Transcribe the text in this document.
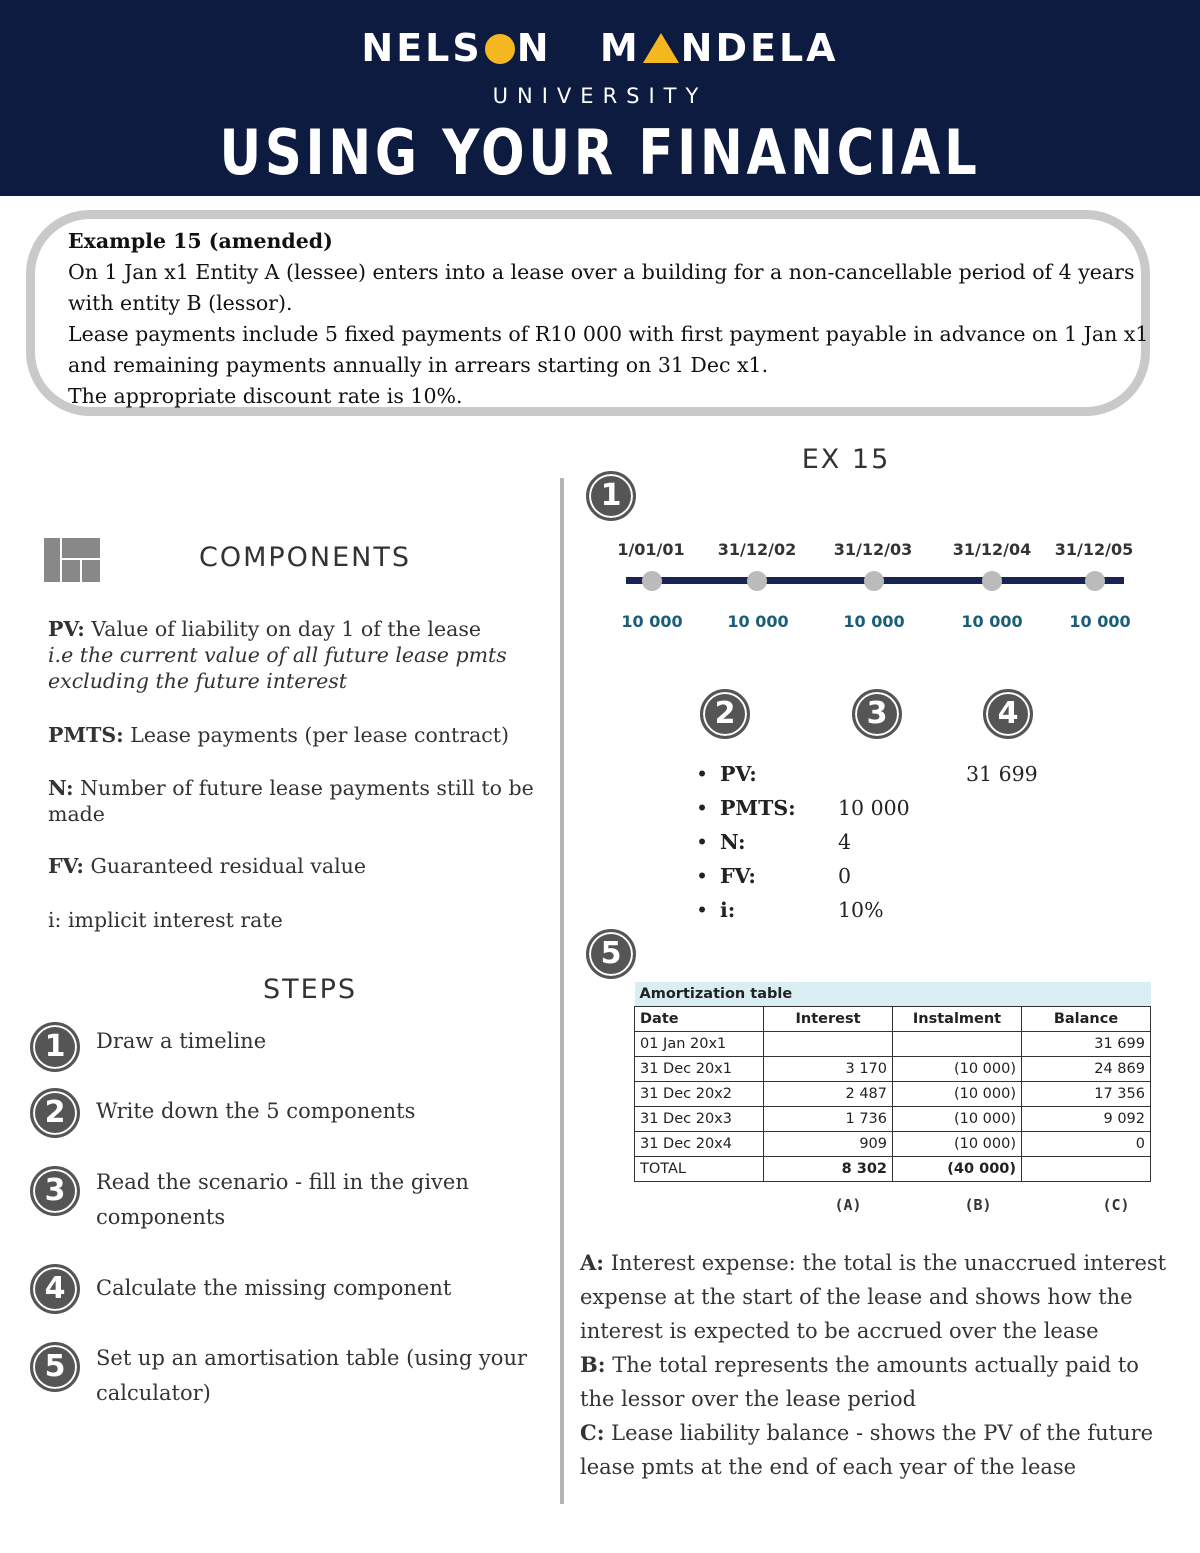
NELS N M NDELA
UNIVERSITY
USING YOUR FINANCIAL CALCULATOR

Example 15 (amended)

On 1 Jan x1 Entity A (lessee) enters into a lease over a building for a non-cancellable period of 4 years with entity B (lessor).

Lease payments include 5 fixed payments of R10 000 with first payment payable in advance on 1 Jan x1 and remaining payments annually in arrears starting on 31 Dec x1.

The appropriate discount rate is 10%.

COMPONENTS
PV: Value of liability on day 1 of the lease
i.e the current value of all future lease pmts excluding the future interest
PMTS: Lease payments (per lease contract)
N: Number of future lease payments still to be made
FV: Guaranteed residual value
i: implicit interest rate
STEPS
1	Draw a timeline
2	Write down the 5 components
3	Read the scenario - fill in the given components
4	Calculate the missing component
5	Set up an amortisation table (using your calculator)
EX 15
1
1/01/01	31/12/02	31/12/03	31/12/04	31/12/05
10 000	10 000	10 000	10 000	10 000
2	3	4
• PV:	31 699
• PMTS: 10 000
• N:	4
• FV:	0
• i:	10%
5
Amortization table			
Date	Interest	Instalment	Balance
01 Jan 20x1			31 699
31 Dec 20x1	3 170	(10 000)	24 869
31 Dec 20x2	2 487	(10 000)	17 356
31 Dec 20x3	1 736	(10 000)	9 092
31 Dec 20x4	909	(10 000)	0
TOTAL	8 302	(40 000)	
(A)	(B)	(C)

A: Interest expense: the total is the unaccrued interest expense at the start of the lease and shows how the interest is expected to be accrued over the lease

B: The total represents the amounts actually paid to the lessor over the lease period

C: Lease liability balance - shows the PV of the future lease pmts at the end of each year of the lease
